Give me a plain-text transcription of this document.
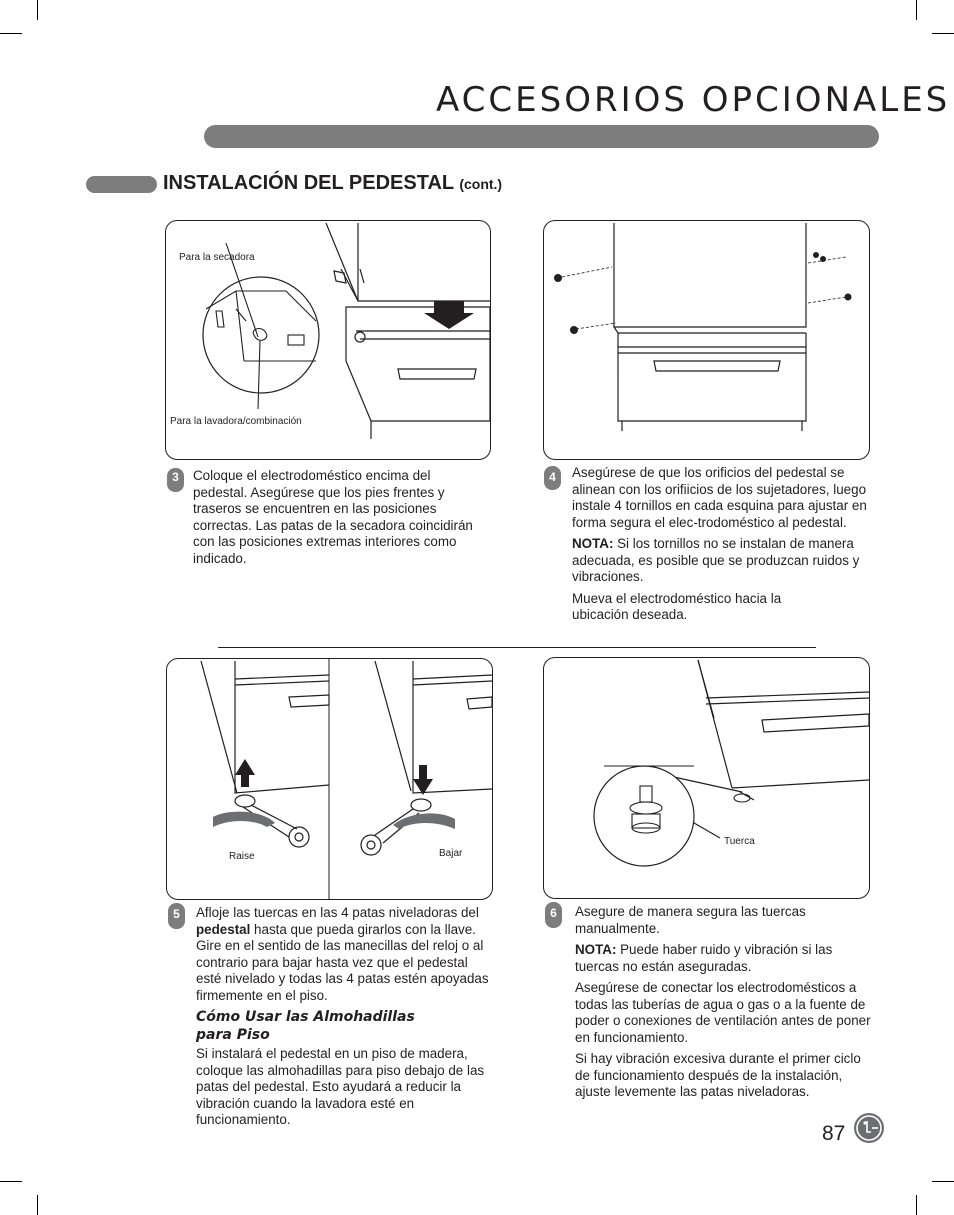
ACCESORIOS OPCIONALES
INSTALACIÓN DEL PEDESTAL (cont.)
Para la secadora
Para la lavadora/combinación
3	Coloque el electrodoméstico encima del pedestal. Asegúrese que los pies frentes y traseros se encuentren en las posiciones correctas. Las patas de la secadora coincidirán con las posiciones extremas interiores como indicado.
4	Asegúrese de que los orificios del pedestal se alinean con los orifiicios de los sujetadores, luego instale 4 tornillos en cada esquina para ajustar en forma segura el elec-trodoméstico al pedestal.

NOTA: Si los tornillos no se instalan de manera adecuada, es posible que se produzcan ruidos y vibraciones.

Mueva el electrodoméstico hacia la ubicación deseada.

Raise	Bajar
Tuerca
5	Afloje las tuercas en las 4 patas niveladoras del pedestal hasta que pueda girarlos con la llave. Gire en el sentido de las manecillas del reloj o al contrario para bajar hasta vez que el pedestal esté nivelado y todas las 4 patas estén apoyadas firmemente en el piso.

Cómo Usar las Almohadillas
para Piso

Si instalará el pedestal en un piso de madera, coloque las almohadillas para piso debajo de las patas del pedestal. Esto ayudará a reducir la vibración cuando la lavadora esté en funcionamiento.

6	Asegure de manera segura las tuercas manualmente.

NOTA: Puede haber ruido y vibración si las tuercas no están aseguradas.

Asegúrese de conectar los electrodomésticos a todas las tuberías de agua o gas o a la fuente de poder o conexiones de ventilación antes de poner en funcionamiento.

Si hay vibración excesiva durante el primer ciclo de funcionamiento después de la instalación, ajuste levemente las patas niveladoras.

87
